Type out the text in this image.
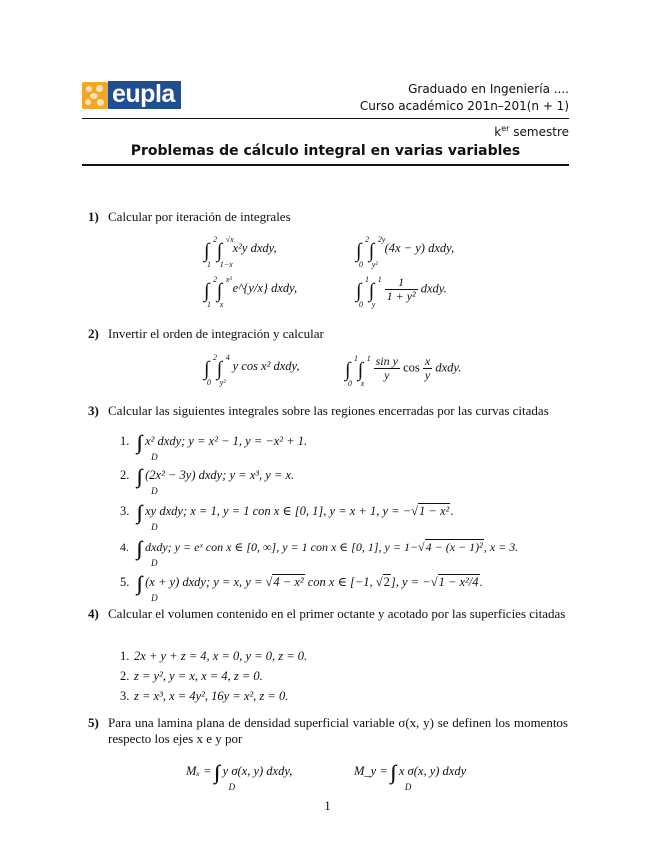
eupla	Graduado en Ingeniería ....
Curso académico 201n–201(n + 1)
$k^{er}$ semestre
Problemas de cálculo integral en varias variables
1) Calcular por iteración de integrales
∫
2
1
∫
√x
1−x
x²y dxdy,	∫
2
0
∫
2y
y²
(4x − y) dxdy,
∫
2
1
∫
x³
x
e^{y/x} dxdy,	∫
1
0
∫
1
y

$\frac{1}{\text{1 + y²}}$ dxdy.
2) Invertir el orden de integración y calcular
∫
2
0
∫
4
y²
y cos x² dxdy, ∫
1
0
∫
1
x

$\frac{\text{sin y}}{y}$ $\cos \frac{x}{y}$ dxdy.
3) Calcular las siguientes integrales sobre las regiones encerradas por las curvas citadas
1.
D
x² dxdy; y = x² − 1, y = −x² + 1.
2.
D
(2x² − 3y) dxdy; y = x³, y = x.
3.
D
xy dxdy; x = 1, y = 1 con x ∈ [0, 1], y = x + 1, y = −√1 − x².
4.
D
dxdy; y = eˣ con x ∈ [0, ∞], y = 1 con x ∈ [0, 1], y = 1−√4 − (x − 1)², x = 3.
5.
D
(x + y) dxdy; y = x, y = √4 − x² con x ∈ [−1, √2], y = −√1 − x²/4.
4) Calcular el volumen contenido en el primer octante y acotado por las superficies citadas
1. 2x + y + z = 4, x = 0, y = 0, z = 0.
2. z = y², y = x, x = 4, z = 0.
3. z = x³, x = 4y², 16y = x², z = 0.
5) Para una lamina plana de densidad superficial variable σ(x, y) se definen los momentos respecto los ejes x e y por
Mₓ =
D
y σ(x, y) dxdy,	M_y =
D
x σ(x, y) dxdy
1
